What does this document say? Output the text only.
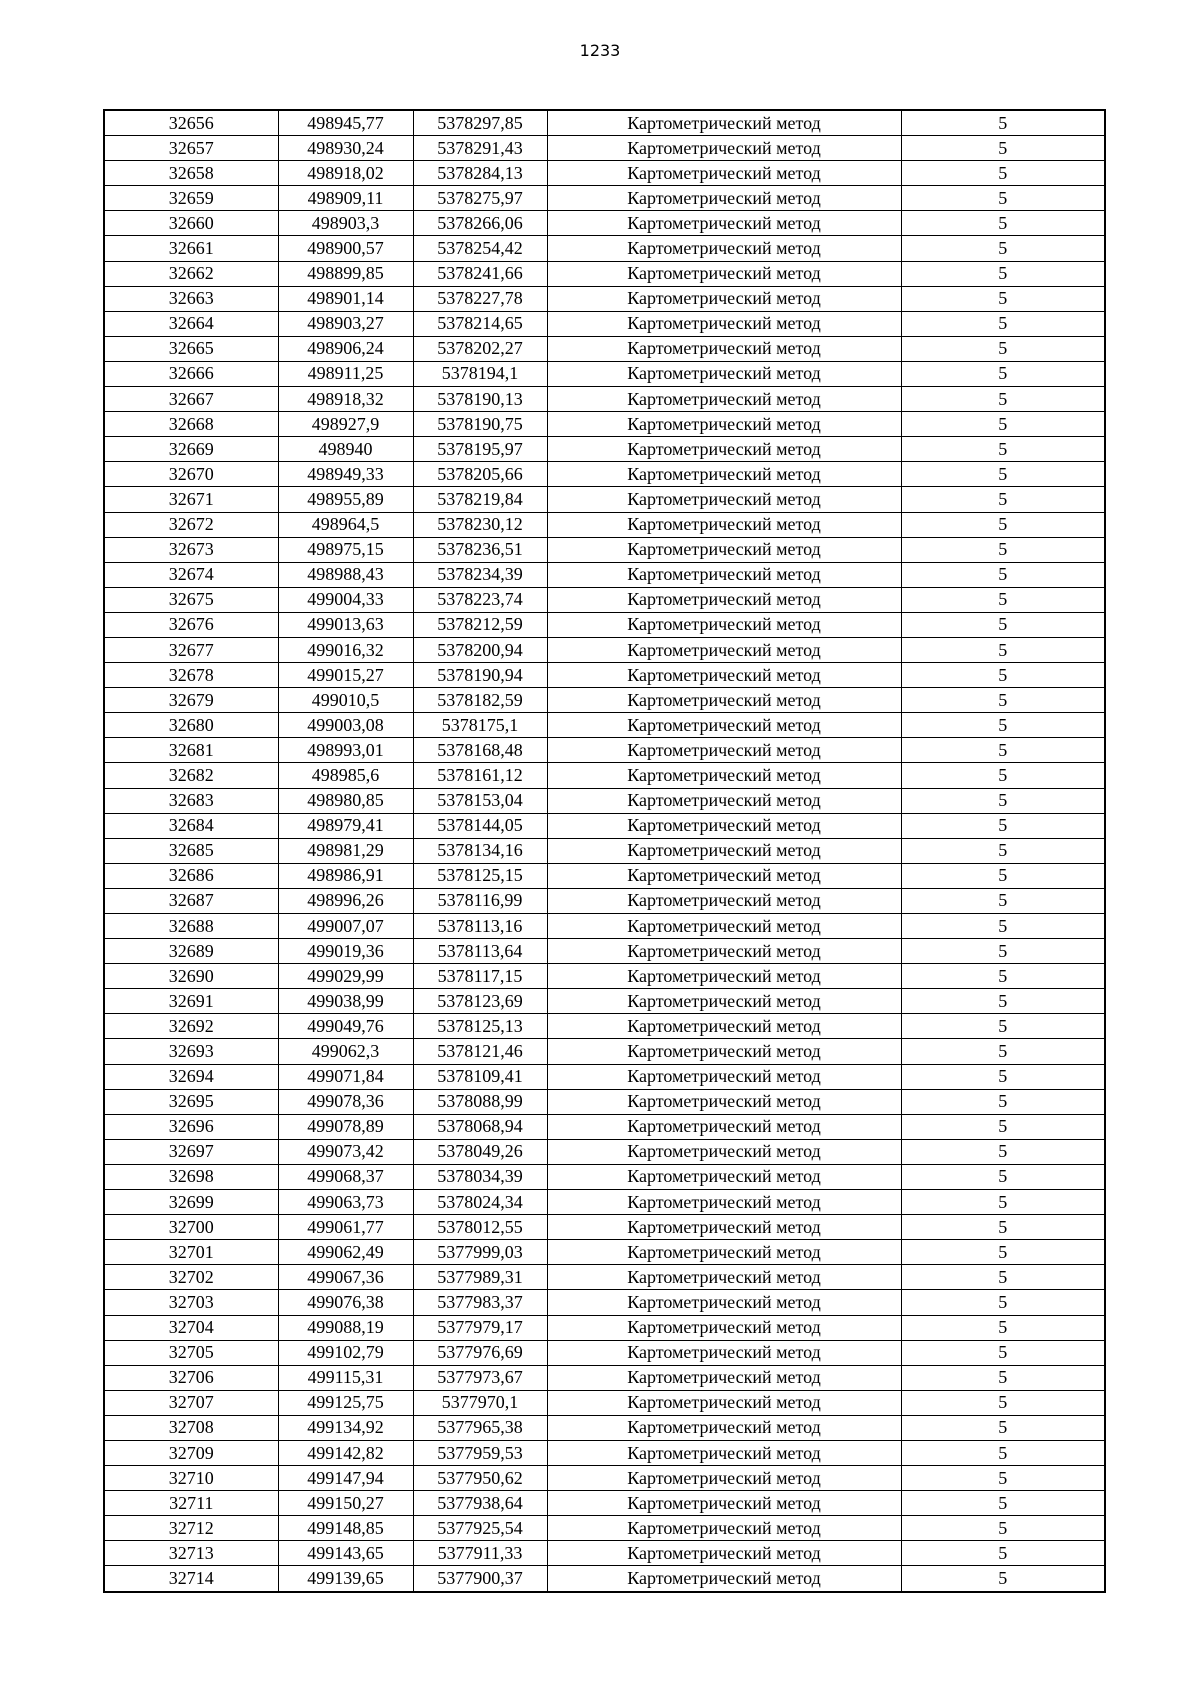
1233
32656	498945,77	5378297,85	Картометрический метод	5
32657	498930,24	5378291,43	Картометрический метод	5
32658	498918,02	5378284,13	Картометрический метод	5
32659	498909,11	5378275,97	Картометрический метод	5
32660	498903,3	5378266,06	Картометрический метод	5
32661	498900,57	5378254,42	Картометрический метод	5
32662	498899,85	5378241,66	Картометрический метод	5
32663	498901,14	5378227,78	Картометрический метод	5
32664	498903,27	5378214,65	Картометрический метод	5
32665	498906,24	5378202,27	Картометрический метод	5
32666	498911,25	5378194,1	Картометрический метод	5
32667	498918,32	5378190,13	Картометрический метод	5
32668	498927,9	5378190,75	Картометрический метод	5
32669	498940	5378195,97	Картометрический метод	5
32670	498949,33	5378205,66	Картометрический метод	5
32671	498955,89	5378219,84	Картометрический метод	5
32672	498964,5	5378230,12	Картометрический метод	5
32673	498975,15	5378236,51	Картометрический метод	5
32674	498988,43	5378234,39	Картометрический метод	5
32675	499004,33	5378223,74	Картометрический метод	5
32676	499013,63	5378212,59	Картометрический метод	5
32677	499016,32	5378200,94	Картометрический метод	5
32678	499015,27	5378190,94	Картометрический метод	5
32679	499010,5	5378182,59	Картометрический метод	5
32680	499003,08	5378175,1	Картометрический метод	5
32681	498993,01	5378168,48	Картометрический метод	5
32682	498985,6	5378161,12	Картометрический метод	5
32683	498980,85	5378153,04	Картометрический метод	5
32684	498979,41	5378144,05	Картометрический метод	5
32685	498981,29	5378134,16	Картометрический метод	5
32686	498986,91	5378125,15	Картометрический метод	5
32687	498996,26	5378116,99	Картометрический метод	5
32688	499007,07	5378113,16	Картометрический метод	5
32689	499019,36	5378113,64	Картометрический метод	5
32690	499029,99	5378117,15	Картометрический метод	5
32691	499038,99	5378123,69	Картометрический метод	5
32692	499049,76	5378125,13	Картометрический метод	5
32693	499062,3	5378121,46	Картометрический метод	5
32694	499071,84	5378109,41	Картометрический метод	5
32695	499078,36	5378088,99	Картометрический метод	5
32696	499078,89	5378068,94	Картометрический метод	5
32697	499073,42	5378049,26	Картометрический метод	5
32698	499068,37	5378034,39	Картометрический метод	5
32699	499063,73	5378024,34	Картометрический метод	5
32700	499061,77	5378012,55	Картометрический метод	5
32701	499062,49	5377999,03	Картометрический метод	5
32702	499067,36	5377989,31	Картометрический метод	5
32703	499076,38	5377983,37	Картометрический метод	5
32704	499088,19	5377979,17	Картометрический метод	5
32705	499102,79	5377976,69	Картометрический метод	5
32706	499115,31	5377973,67	Картометрический метод	5
32707	499125,75	5377970,1	Картометрический метод	5
32708	499134,92	5377965,38	Картометрический метод	5
32709	499142,82	5377959,53	Картометрический метод	5
32710	499147,94	5377950,62	Картометрический метод	5
32711	499150,27	5377938,64	Картометрический метод	5
32712	499148,85	5377925,54	Картометрический метод	5
32713	499143,65	5377911,33	Картометрический метод	5
32714	499139,65	5377900,37	Картометрический метод	5
